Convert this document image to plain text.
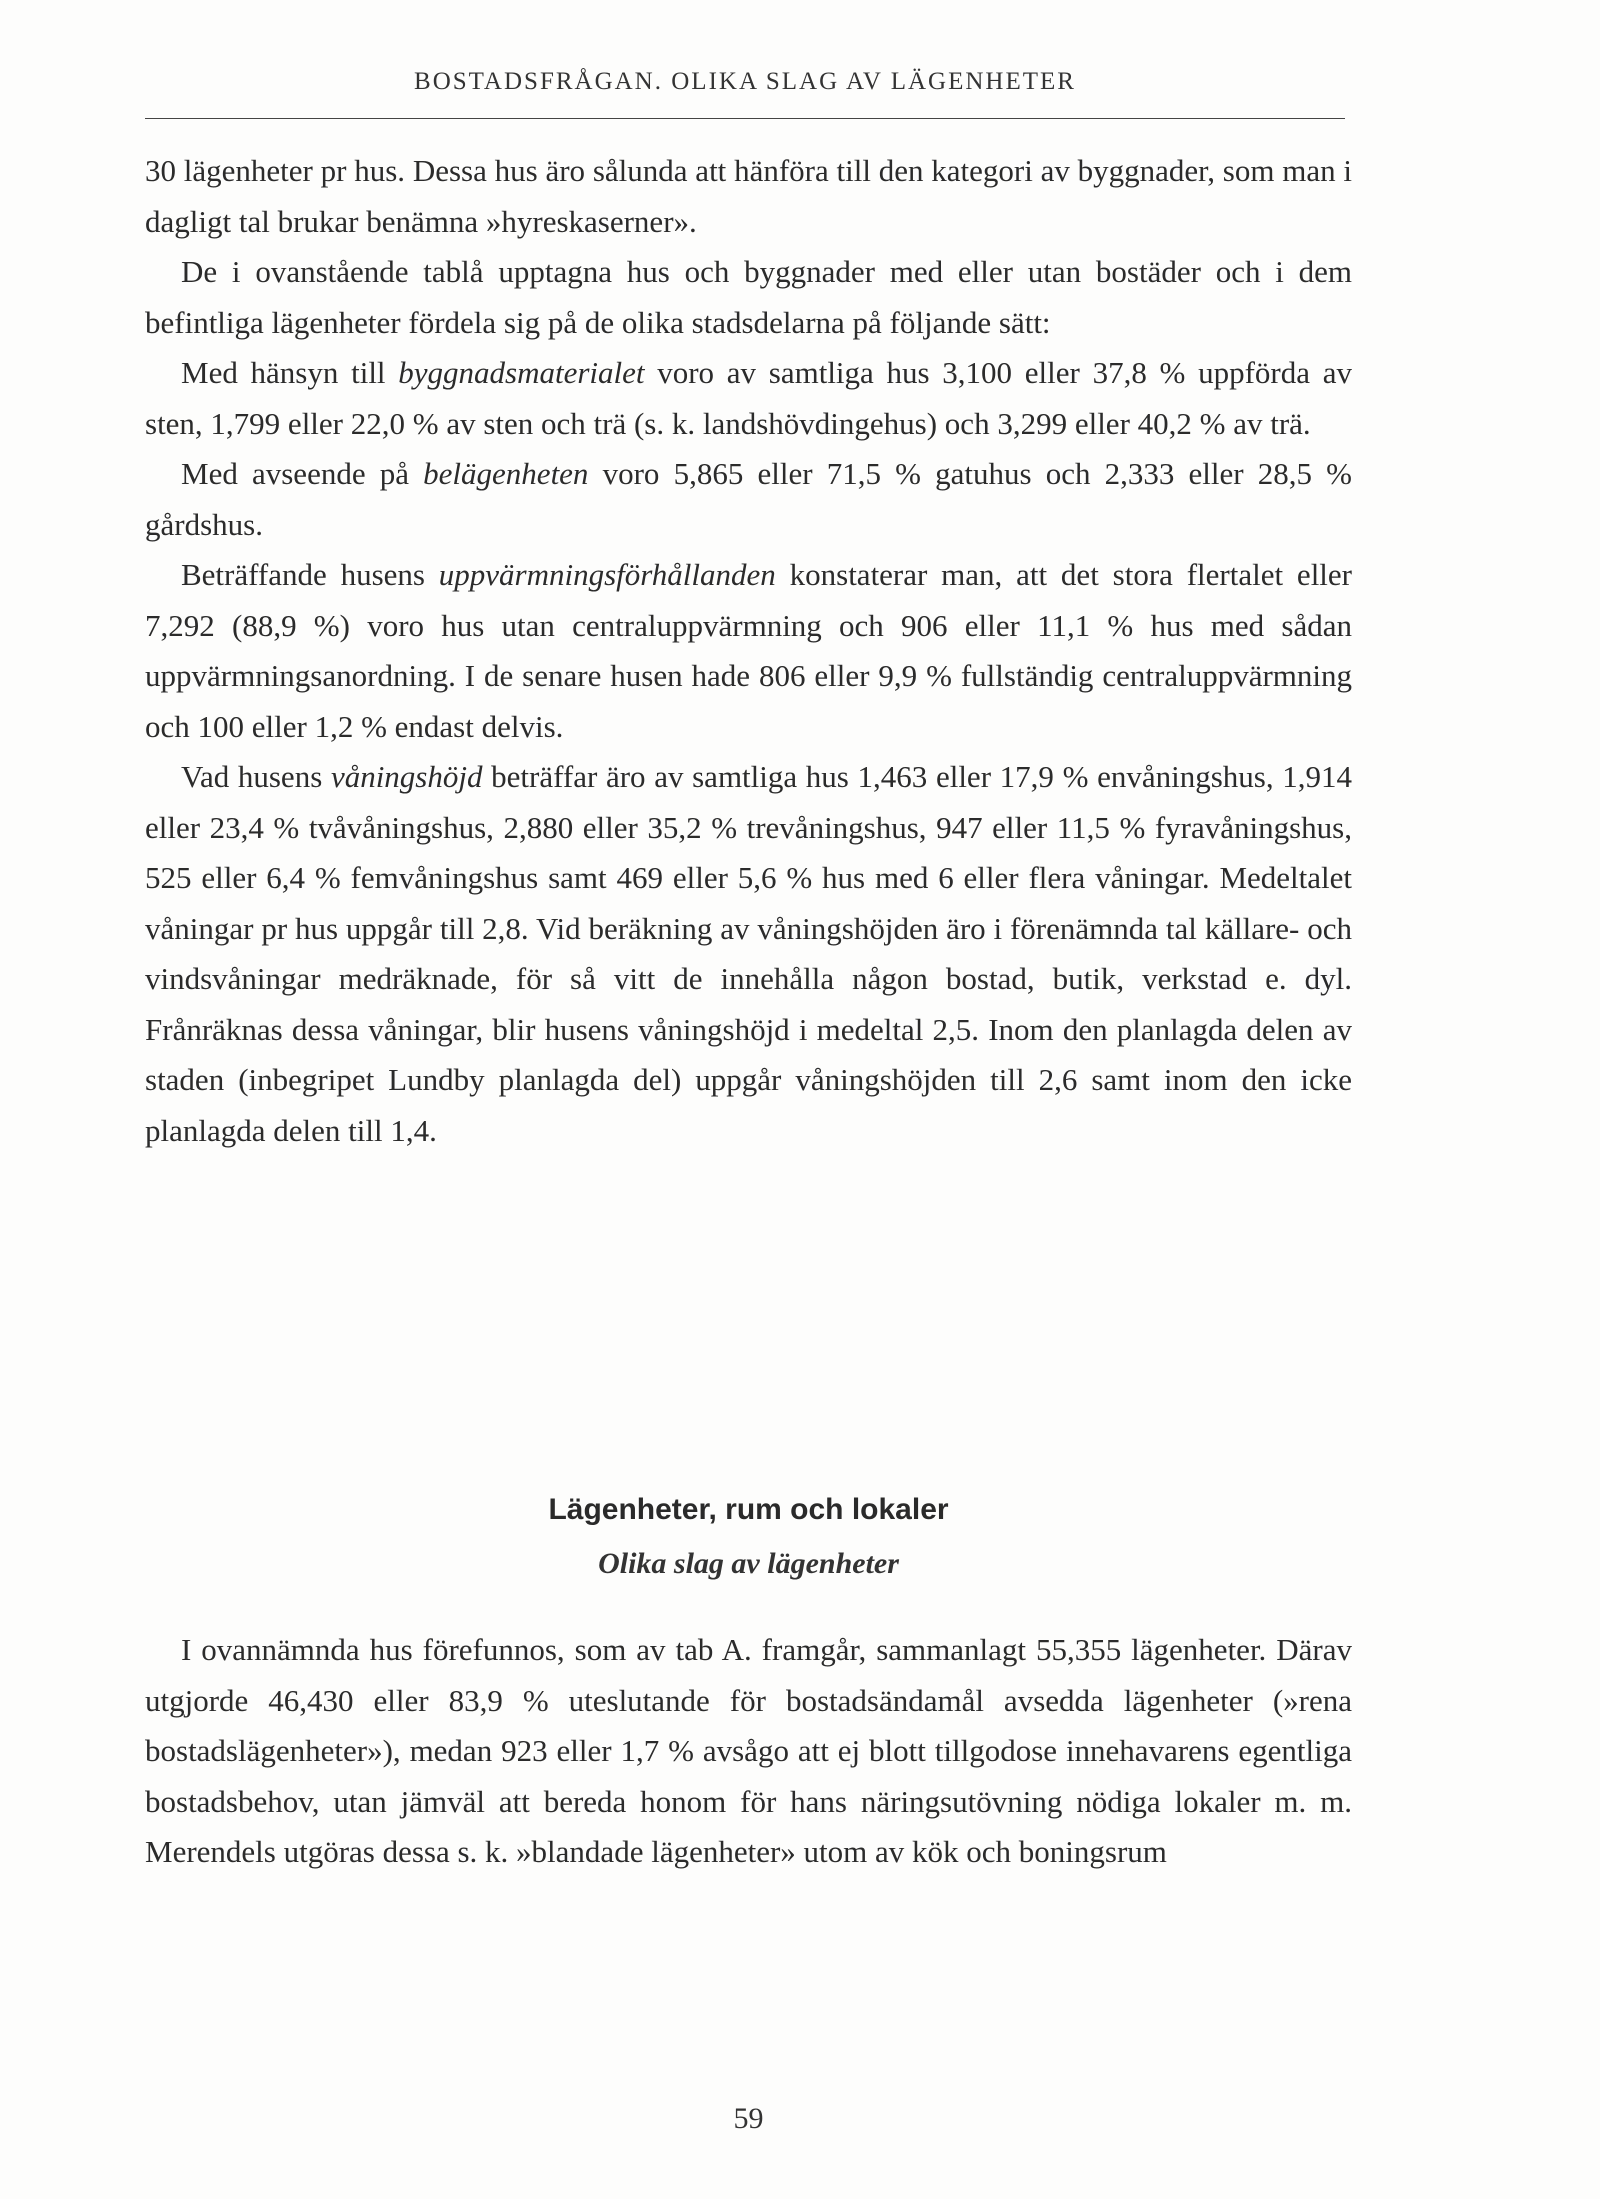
BOSTADSFRÅGAN. OLIKA SLAG AV LÄGENHETER

30 lägenheter pr hus. Dessa hus äro sålunda att hänföra till den kategori av byggnader, som man i dagligt tal brukar benämna »hyreskaserner».

De i ovanstående tablå upptagna hus och byggnader med eller utan bostäder och i dem befintliga lägenheter fördela sig på de olika stadsdelarna på följande sätt:

Med hänsyn till byggnadsmaterialet voro av samtliga hus 3,100 eller 37,8 % uppförda av sten, 1,799 eller 22,0 % av sten och trä (s. k. landshövdingehus) och 3,299 eller 40,2 % av trä.

Med avseende på belägenheten voro 5,865 eller 71,5 % gatuhus och 2,333 eller 28,5 % gårdshus.

Beträffande husens uppvärmningsförhållanden konstaterar man, att det stora flertalet eller 7,292 (88,9 %) voro hus utan centraluppvärmning och 906 eller 11,1 % hus med sådan uppvärmningsanordning. I de senare husen hade 806 eller 9,9 % fullständig centraluppvärmning och 100 eller 1,2 % endast delvis.

Vad husens våningshöjd beträffar äro av samtliga hus 1,463 eller 17,9 % envåningshus, 1,914 eller 23,4 % tvåvåningshus, 2,880 eller 35,2 % trevåningshus, 947 eller 11,5 % fyravåningshus, 525 eller 6,4 % femvåningshus samt 469 eller 5,6 % hus med 6 eller flera våningar. Medeltalet våningar pr hus uppgår till 2,8. Vid beräkning av våningshöjden äro i förenämnda tal källare- och vindsvåningar medräknade, för så vitt de innehålla någon bostad, butik, verkstad e. dyl. Frånräknas dessa våningar, blir husens våningshöjd i medeltal 2,5. Inom den planlagda delen av staden (inbegripet Lundby planlagda del) uppgår våningshöjden till 2,6 samt inom den icke planlagda delen till 1,4.

Lägenheter, rum och lokaler
Olika slag av lägenheter

I ovannämnda hus förefunnos, som av tab A. framgår, sammanlagt 55,355 lägenheter. Därav utgjorde 46,430 eller 83,9 % uteslutande för bostadsändamål avsedda lägenheter (»rena bostadslägenheter»), medan 923 eller 1,7 % avsågo att ej blott tillgodose innehavarens egentliga bostadsbehov, utan jämväl att bereda honom för hans näringsutövning nödiga lokaler m. m. Merendels utgöras dessa s. k. »blandade lägenheter» utom av kök och boningsrum

59
